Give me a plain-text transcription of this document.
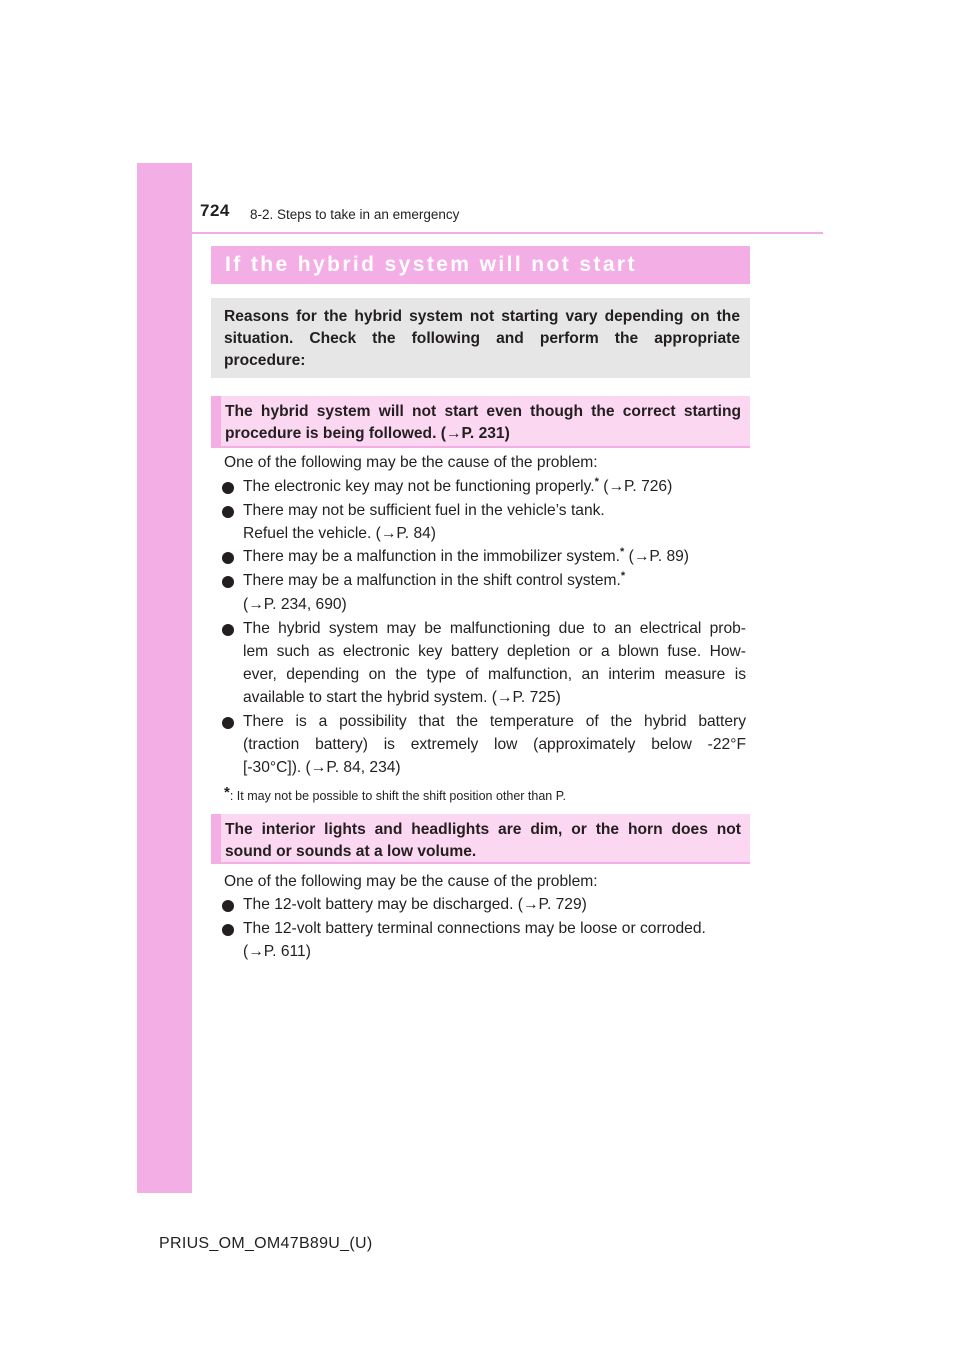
724 8-2. Steps to take in an emergency
If the hybrid system will not start
Reasons for the hybrid system not starting vary depending on the situation. Check the following and perform the appropriate procedure:
The hybrid system will not start even though the correct starting procedure is being followed. (→P. 231)
One of the following may be the cause of the problem:
The electronic key may not be functioning properly.* (→P. 726)
There may not be sufficient fuel in the vehicle’s tank.
Refuel the vehicle. (→P. 84)
There may be a malfunction in the immobilizer system.* (→P. 89)
There may be a malfunction in the shift control system.*
(→P. 234, 690)
The hybrid system may be malfunctioning due to an electrical prob-
lem such as electronic key battery depletion or a blown fuse. How-
ever, depending on the type of malfunction, an interim measure is
available to start the hybrid system. (→P. 725)
There is a possibility that the temperature of the hybrid battery
(traction battery) is extremely low (approximately below -22°F
[-30°C]). (→P. 84, 234)
*: It may not be possible to shift the shift position other than P.
The interior lights and headlights are dim, or the horn does not sound or sounds at a low volume.
One of the following may be the cause of the problem:
The 12-volt battery may be discharged. (→P. 729)
The 12-volt battery terminal connections may be loose or corroded.
(→P. 611)
PRIUS_OM_OM47B89U_(U)
